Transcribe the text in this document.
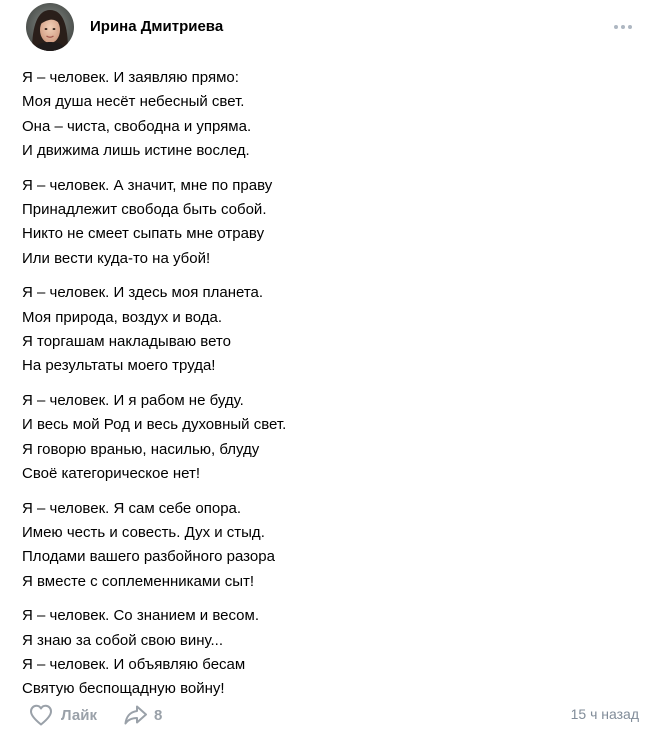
Ирина Дмитриева
Я – человек. И заявляю прямо:
Моя душа несёт небесный свет.
Она – чиста, свободна и упряма.
И движима лишь истине вослед.
Я – человек. А значит, мне по праву
Принадлежит свобода быть собой.
Никто не смеет сыпать мне отраву
Или вести куда-то на убой!
Я – человек. И здесь моя планета.
Моя природа, воздух и вода.
Я торгашам накладываю вето
На результаты моего труда!
Я – человек. И я рабом не буду.
И весь мой Род и весь духовный свет.
Я говорю вранью, насилью, блуду
Своё категорическое нет!
Я – человек. Я сам себе опора.
Имею честь и совесть. Дух и стыд.
Плодами вашего разбойного разора
Я вместе с соплеменниками сыт!
Я – человек. Со знанием и весом.
Я знаю за собой свою вину...
Я – человек. И объявляю бесам
Святую беспощадную войну!
Лайк	8	15 ч назад
